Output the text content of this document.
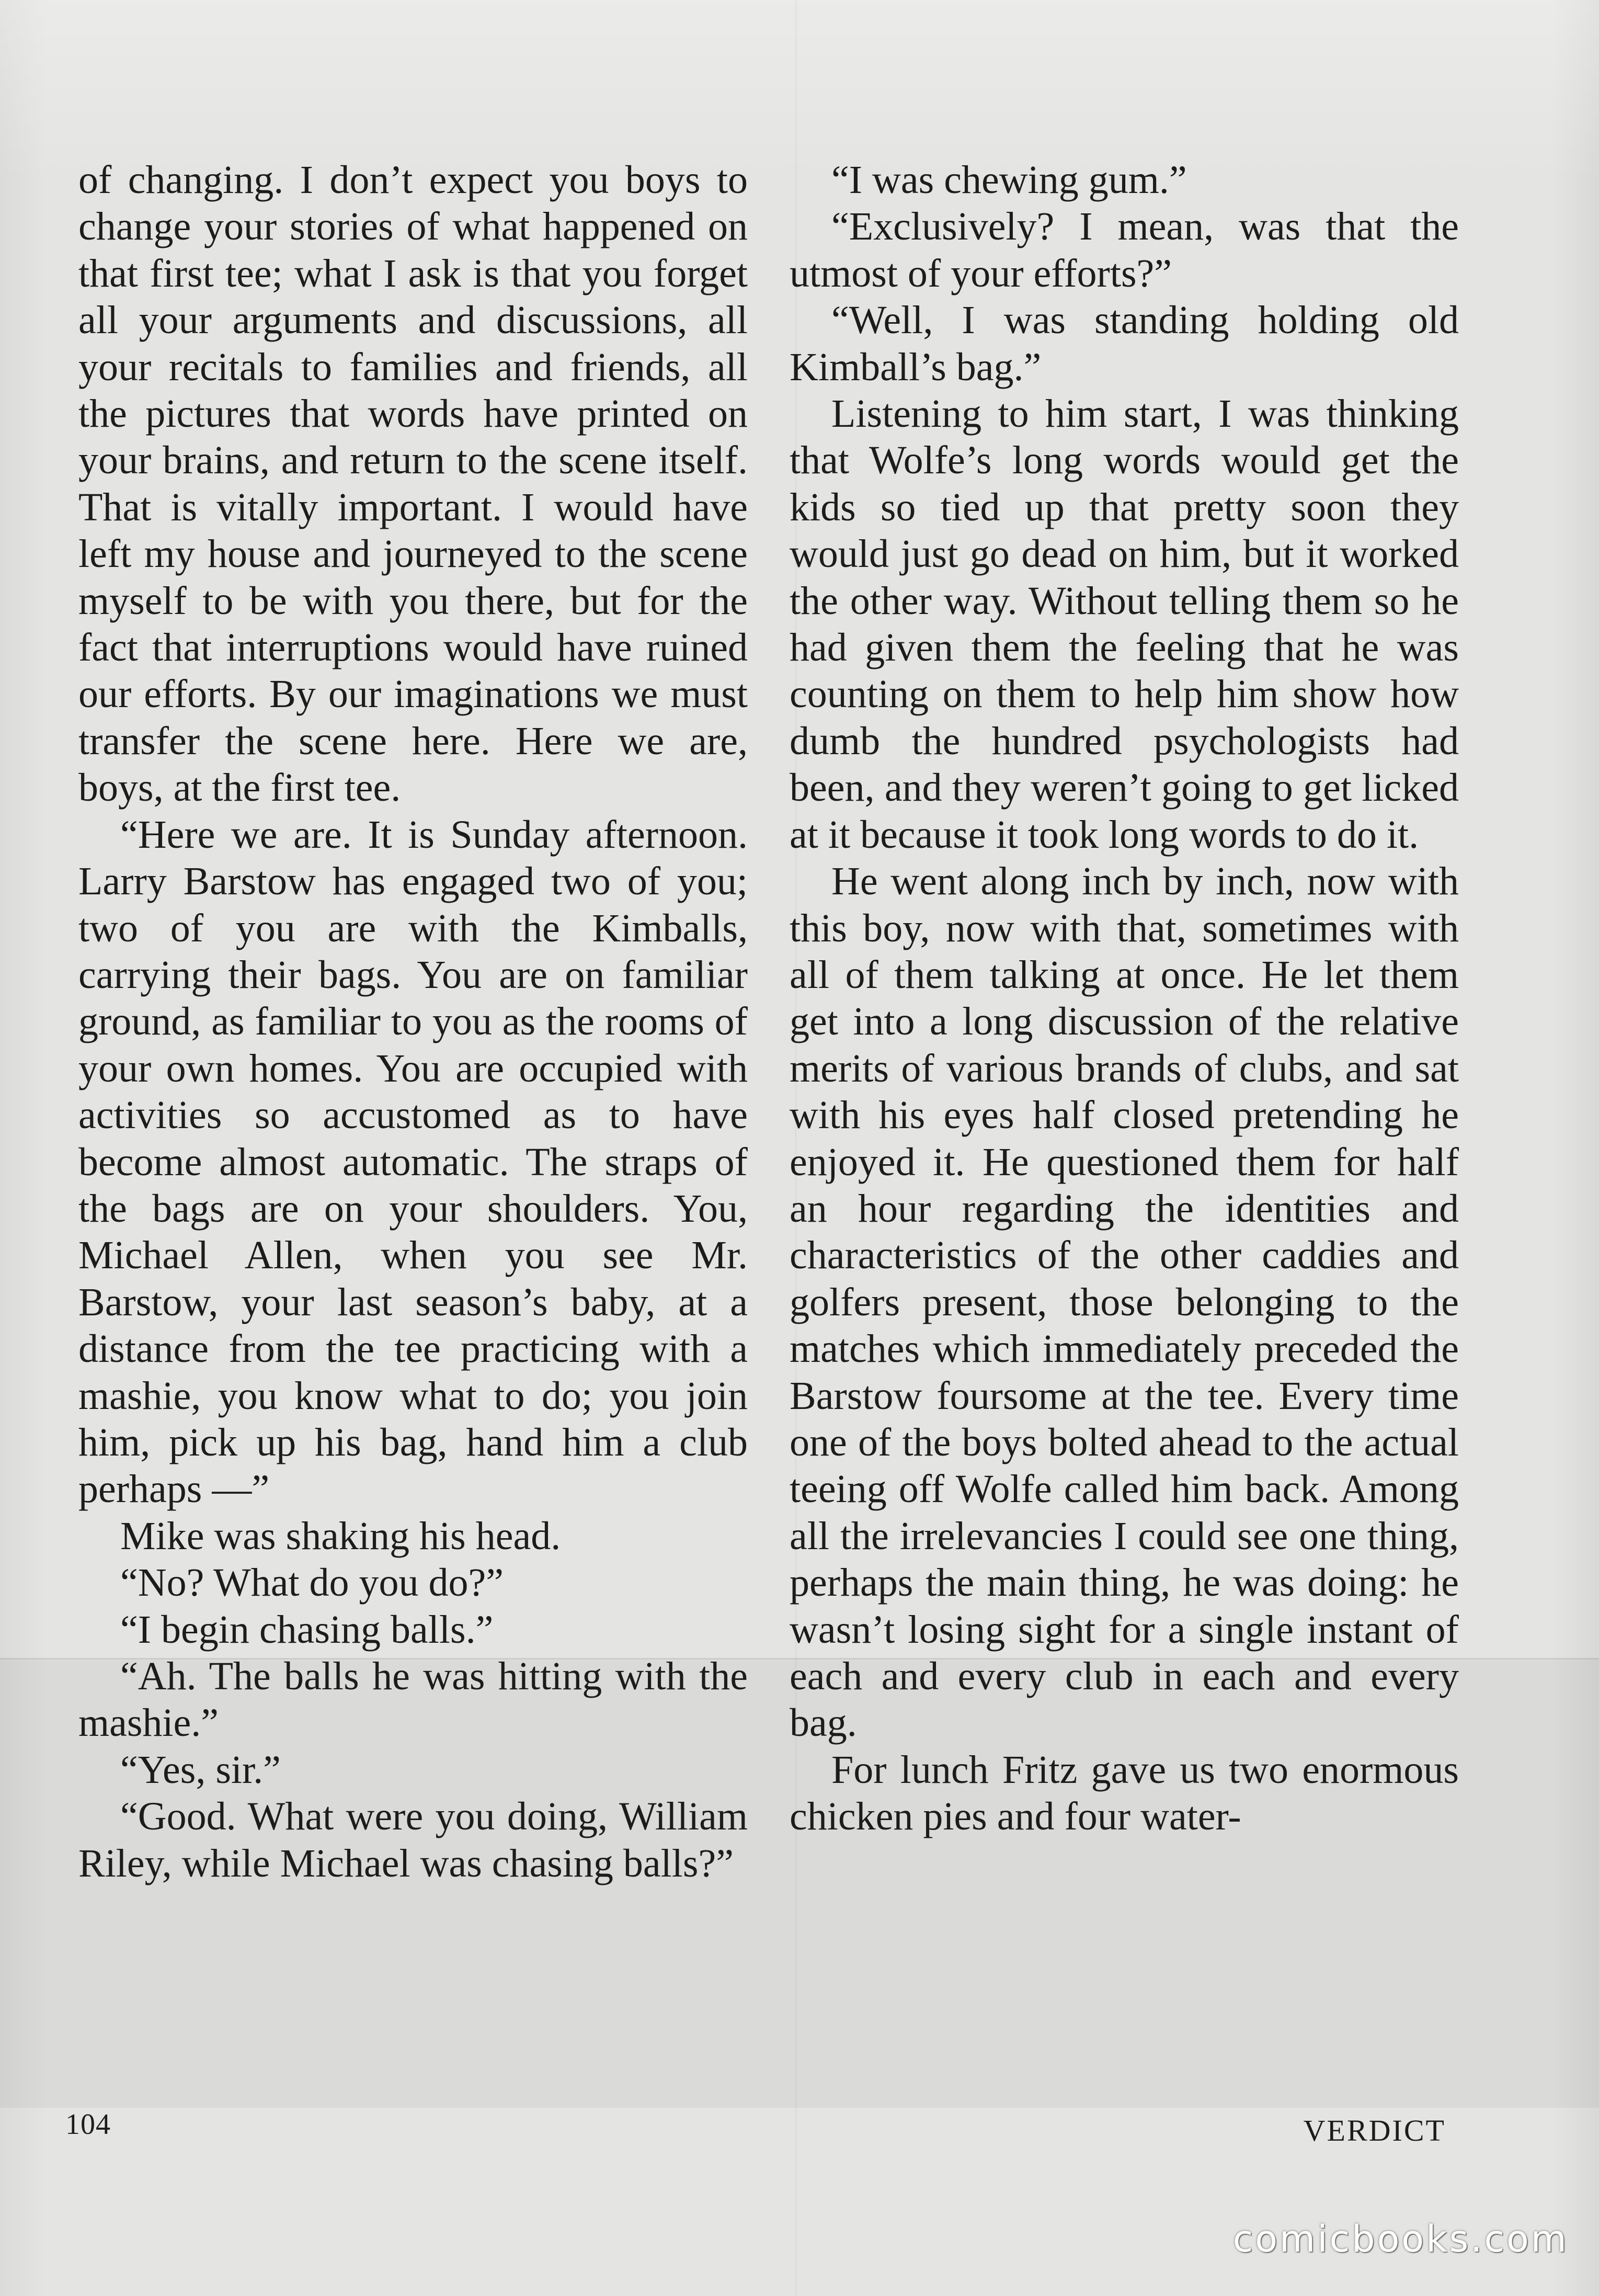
of changing. I don’t expect you boys to change your stories of what happened on that first tee; what I ask is that you forget all your arguments and discussions, all your recitals to families and friends, all the pictures that words have printed on your brains, and return to the scene itself. That is vitally important. I would have left my house and journeyed to the scene myself to be with you there, but for the fact that interruptions would have ruined our efforts. By our imaginations we must transfer the scene here. Here we are, boys, at the first tee.

“Here we are. It is Sunday afternoon. Larry Barstow has engaged two of you; two of you are with the Kimballs, carrying their bags. You are on familiar ground, as familiar to you as the rooms of your own homes. You are occupied with activities so accustomed as to have become almost automatic. The straps of the bags are on your shoulders. You, Michael Allen, when you see Mr. Barstow, your last season’s baby, at a distance from the tee practicing with a mashie, you know what to do; you join him, pick up his bag, hand him a club perhaps —”

Mike was shaking his head.

“No? What do you do?”

“I begin chasing balls.”

“Ah. The balls he was hitting with the mashie.”

“Yes, sir.”

“Good. What were you doing, William Riley, while Michael was chasing balls?”

“I was chewing gum.”

“Exclusively? I mean, was that the utmost of your efforts?”

“Well, I was standing holding old Kimball’s bag.”

Listening to him start, I was thinking that Wolfe’s long words would get the kids so tied up that pretty soon they would just go dead on him, but it worked the other way. Without telling them so he had given them the feeling that he was counting on them to help him show how dumb the hundred psychologists had been, and they weren’t going to get licked at it because it took long words to do it.

He went along inch by inch, now with this boy, now with that, sometimes with all of them talking at once. He let them get into a long discussion of the relative merits of various brands of clubs, and sat with his eyes half closed pretending he enjoyed it. He questioned them for half an hour regarding the identities and characteristics of the other caddies and golfers present, those belonging to the matches which immediately preceded the Barstow foursome at the tee. Every time one of the boys bolted ahead to the actual teeing off Wolfe called him back. Among all the irrelevancies I could see one thing, perhaps the main thing, he was doing: he wasn’t losing sight for a single instant of each and every club in each and every bag.

For lunch Fritz gave us two enormous chicken pies and four water-

104	VERDICT
comicbooks.com
